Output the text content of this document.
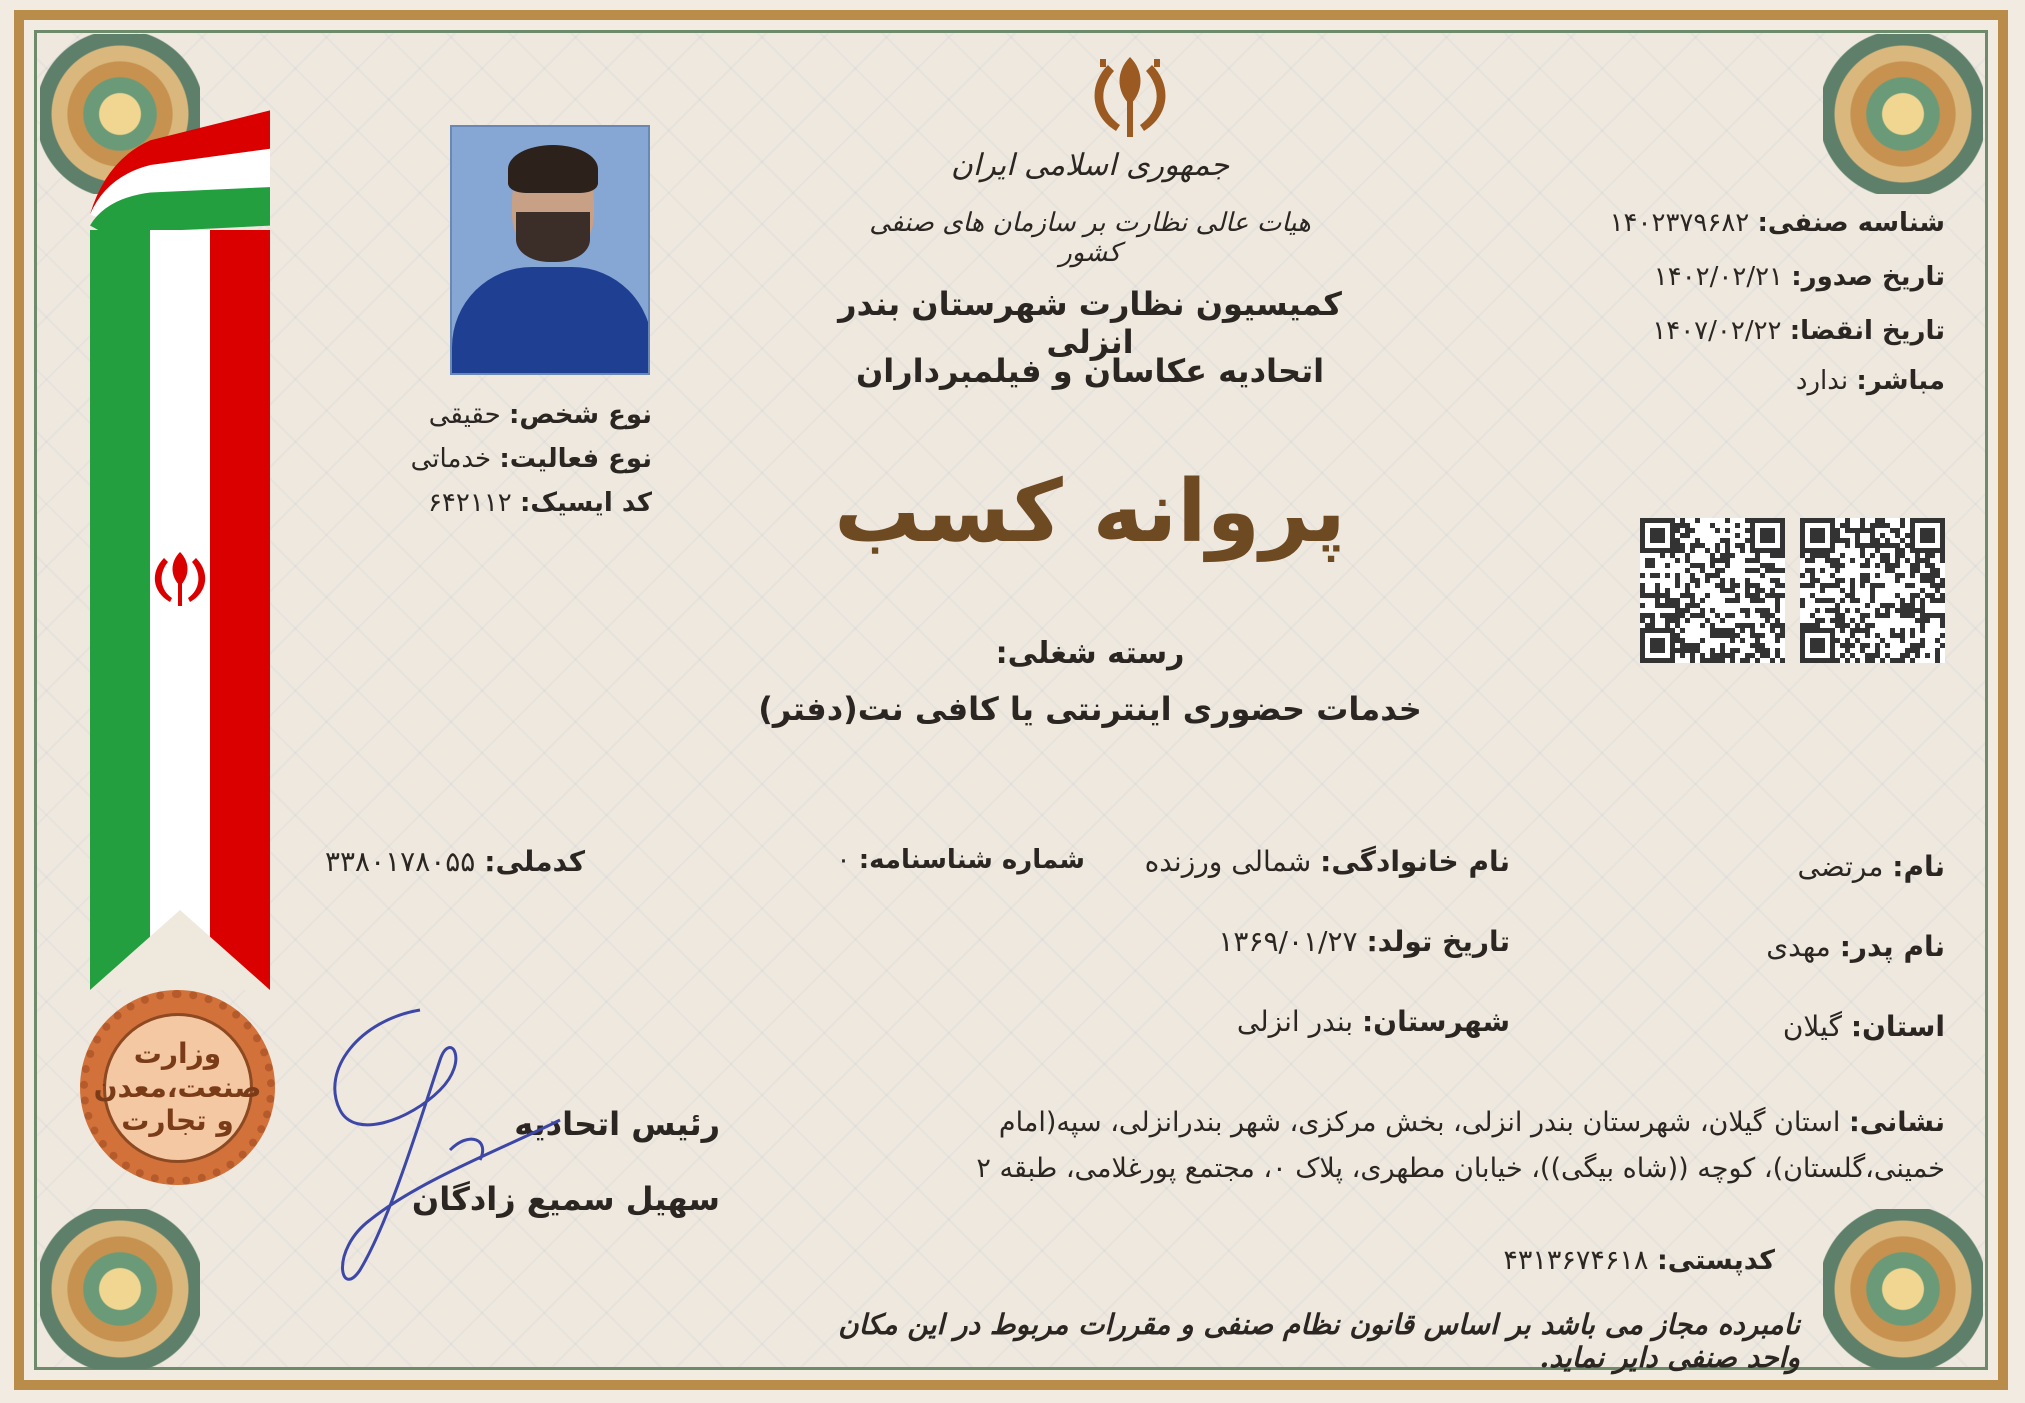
جمهوری اسلامی ایران
هیات عالی نظارت بر سازمان های صنفی کشور
کمیسیون نظارت شهرستان بندر انزلی
اتحادیه عکاسان و فیلمبرداران
پروانه کسب
رسته شغلی:
خدمات حضوری اینترنتی یا کافی نت(دفتر)
شناسه صنفی: ۱۴۰۲۳۷۹۶۸۲
تاریخ صدور: ۱۴۰۲/۰۲/۲۱
تاریخ انقضا: ۱۴۰۷/۰۲/۲۲
مباشر: ندارد
نوع شخص: حقیقی
نوع فعالیت: خدماتی
کد ایسیک: ۶۴۲۱۱۲
نام: مرتضی
نام خانوادگی: شمالی ورزنده
شماره شناسنامه: ۰
کدملی: ۳۳۸۰۱۷۸۰۵۵
نام پدر: مهدی
تاریخ تولد: ۱۳۶۹/۰۱/۲۷
استان: گیلان
شهرستان: بندر انزلی
نشانی: استان گیلان، شهرستان بندر انزلی، بخش مرکزی، شهر بندرانزلی، سپه(امام
خمینی،گلستان)، کوچه ((شاه بیگی))، خیابان مطهری، پلاک ۰، مجتمع پورغلامی، طبقه ۲
کدپستی: ۴۳۱۳۶۷۴۶۱۸
رئیس اتحادیه
سهیل سمیع زادگان
وزارت صنعت،معدن و تجارت
نامبرده مجاز می باشد بر اساس قانون نظام صنفی و مقررات مربوط در این مکان واحد صنفی دایر نماید.
